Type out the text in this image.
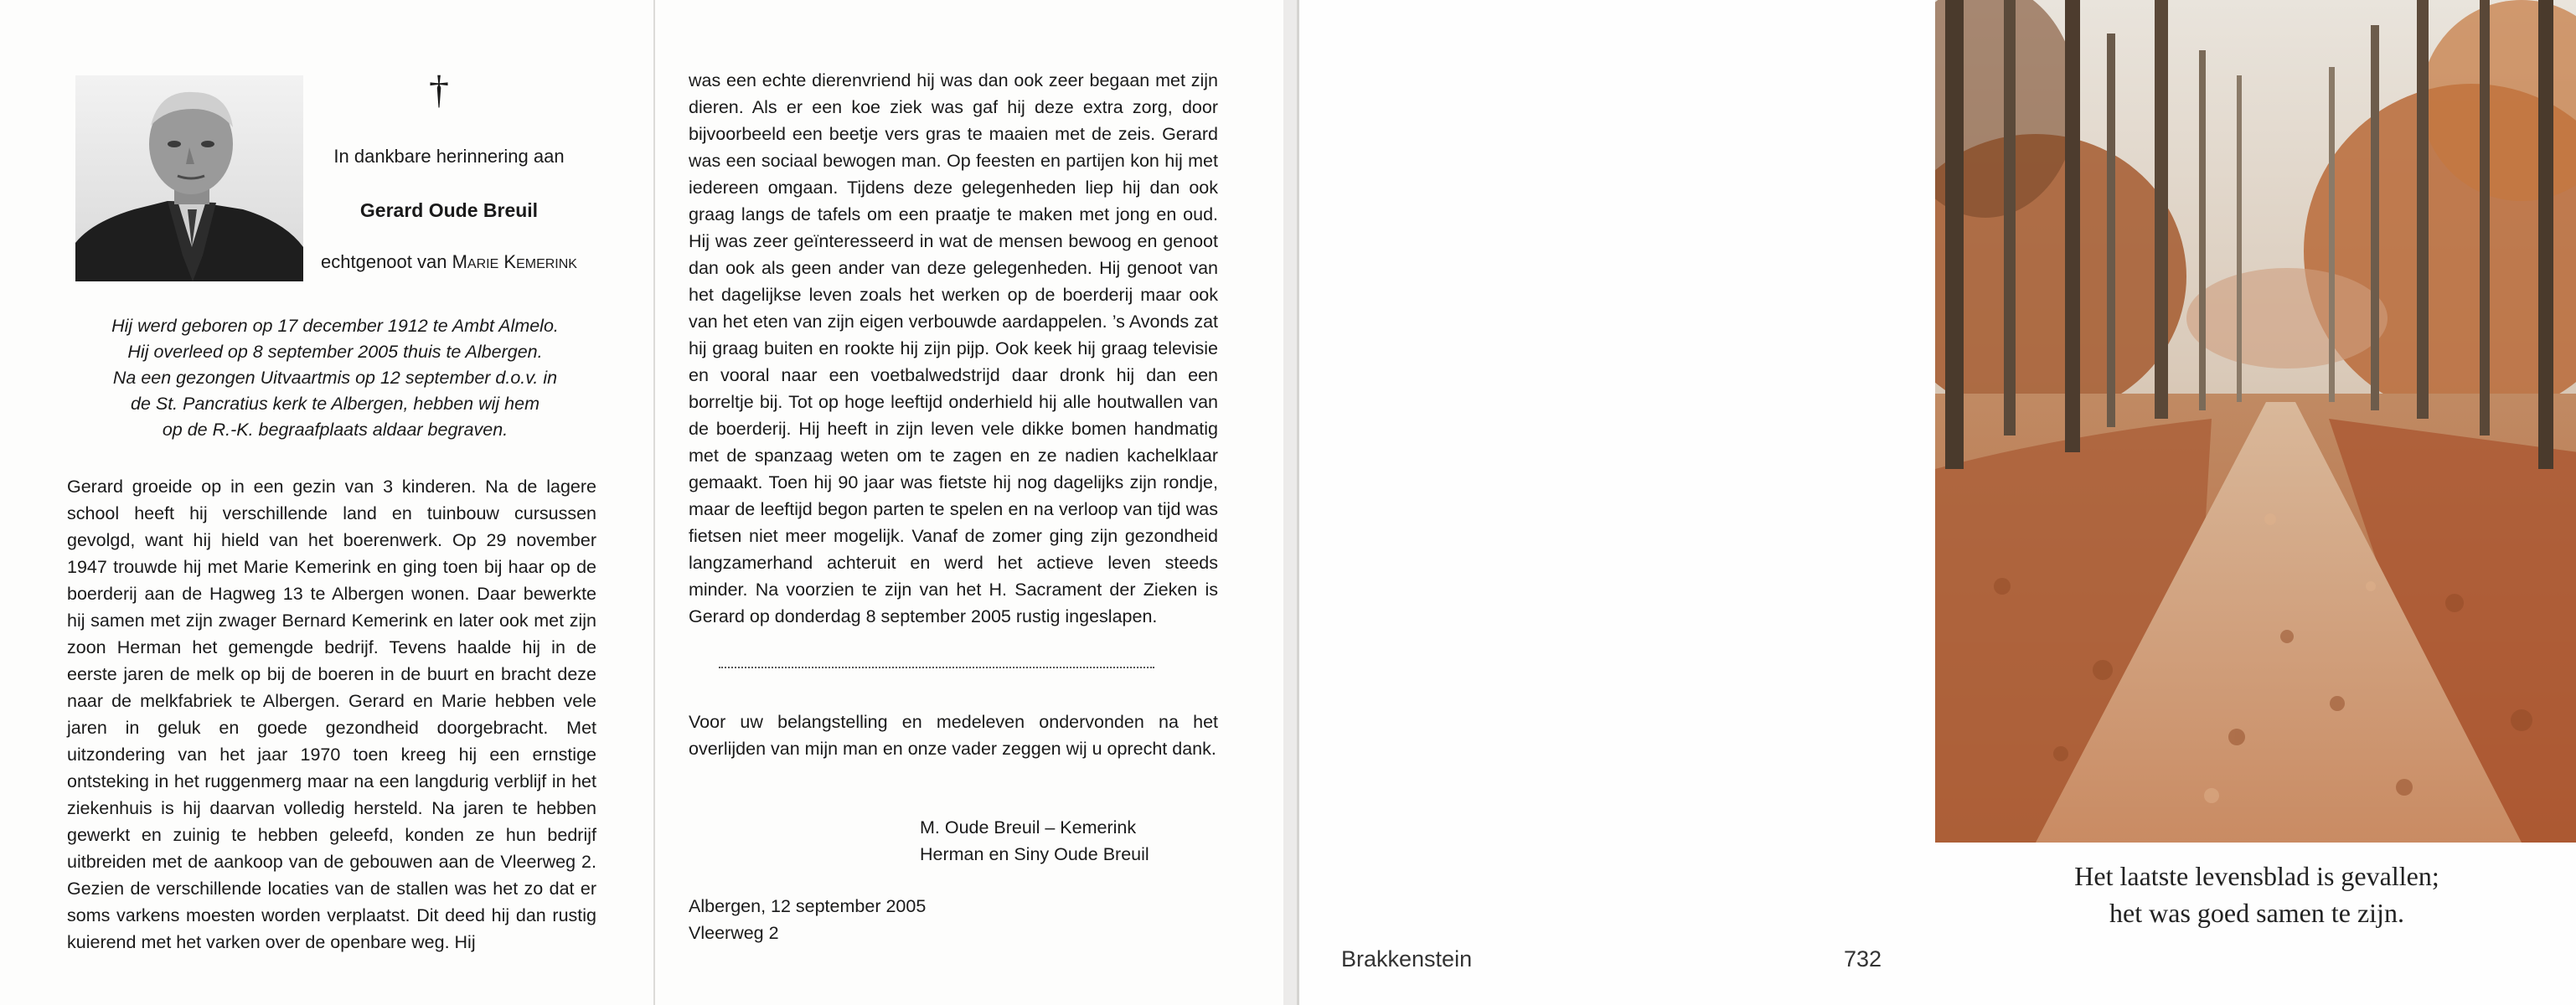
†
In dankbare herinnering aan
Gerard Oude Breuil
echtgenoot van MARIE KEMERINK
Hij werd geboren op 17 december 1912 te Ambt Almelo.
Hij overleed op 8 september 2005 thuis te Albergen.
Na een gezongen Uitvaartmis op 12 september d.o.v. in
de St. Pancratius kerk te Albergen, hebben wij hem
op de R.-K. begraafplaats aldaar begraven.
Gerard groeide op in een gezin van 3 kinderen. Na de lagere school heeft hij verschillende land en tuinbouw cursussen gevolgd, want hij hield van het boerenwerk. Op 29 november 1947 trouwde hij met Marie Kemerink en ging toen bij haar op de boerderij aan de Hagweg 13 te Albergen wonen. Daar bewerkte hij samen met zijn zwager Bernard Kemerink en later ook met zijn zoon Herman het gemengde bedrijf. Tevens haalde hij in de eerste jaren de melk op bij de boeren in de buurt en bracht deze naar de melkfabriek te Albergen. Gerard en Marie hebben vele jaren in geluk en goede gezondheid doorgebracht. Met uitzondering van het jaar 1970 toen kreeg hij een ernstige ontsteking in het ruggenmerg maar na een langdurig verblijf in het ziekenhuis is hij daarvan volledig hersteld. Na jaren te hebben gewerkt en zuinig te hebben geleefd, konden ze hun bedrijf uitbreiden met de aankoop van de gebouwen aan de Vleerweg 2. Gezien de verschillende locaties van de stallen was het zo dat er soms varkens moesten worden verplaatst. Dit deed hij dan rustig kuierend met het varken over de openbare weg. Hij
was een echte dierenvriend hij was dan ook zeer begaan met zijn dieren. Als er een koe ziek was gaf hij deze extra zorg, door bijvoorbeeld een beetje vers gras te maaien met de zeis. Gerard was een sociaal bewogen man. Op feesten en partijen kon hij met iedereen omgaan. Tijdens deze gelegenheden liep hij dan ook graag langs de tafels om een praatje te maken met jong en oud. Hij was zeer geïnteresseerd in wat de mensen bewoog en genoot dan ook als geen ander van deze gelegenheden. Hij genoot van het dagelijkse leven zoals het werken op de boerderij maar ook van het eten van zijn eigen verbouwde aardappelen. ’s Avonds zat hij graag buiten en rookte hij zijn pijp. Ook keek hij graag televisie en vooral naar een voetbalwedstrijd daar dronk hij dan een borreltje bij. Tot op hoge leeftijd onderhield hij alle houtwallen van de boerderij. Hij heeft in zijn leven vele dikke bomen handmatig met de spanzaag weten om te zagen en ze nadien kachelklaar gemaakt. Toen hij 90 jaar was fietste hij nog dagelijks zijn rondje, maar de leeftijd begon parten te spelen en na verloop van tijd was fietsen niet meer mogelijk. Vanaf de zomer ging zijn gezondheid langzamerhand achteruit en werd het actieve leven steeds minder. Na voorzien te zijn van het H. Sacrament der Zieken is Gerard op donderdag 8 september 2005 rustig ingeslapen.
Voor uw belangstelling en medeleven ondervonden na het overlijden van mijn man en onze vader zeggen wij u oprecht dank.
M. Oude Breuil – Kemerink
Herman en Siny Oude Breuil
Albergen, 12 september 2005
Vleerweg 2
Het laatste levensblad is gevallen;
het was goed samen te zijn.
Brakkenstein	732
